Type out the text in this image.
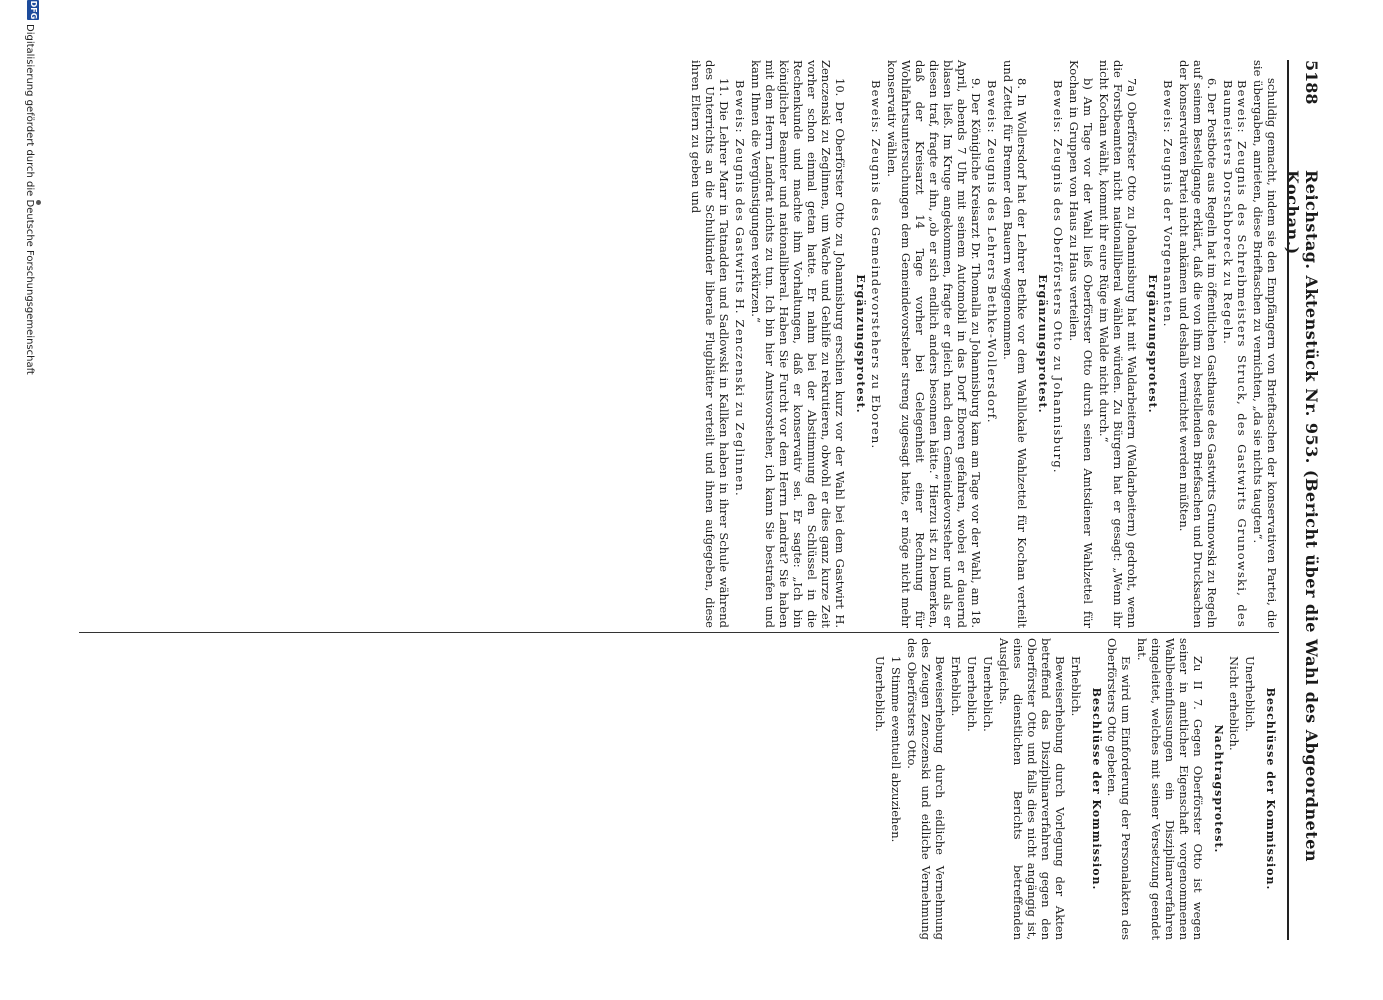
5188
Reichstag. Aktenstück Nr. 953. (Bericht über die Wahl des Abgeordneten Kochan.)
schuldig gemacht, indem sie den Empfängern von Brieftaschen der konservativen Partei, die sie übergaben, anrieten, diese Brieftaschen zu vernichten, „da sie nichts taugten“.
Beweis: Zeugnis des Schreibmeisters Struck, des Gastwirts Grunowski, des Baumeisters Dorschboreck zu Regeln.
6. Der Postbote aus Regeln hat im öffentlichen Gasthause des Gastwirts Grunowski zu Regeln auf seinem Bestellgange erklärt, daß die von ihm zu bestellenden Briefsachen und Drucksachen der konservativen Partei nicht ankämen und deshalb vernichtet werden müßten.
Beweis: Zeugnis der Vorgenannten.
Ergänzungsprotest.
7a) Oberförster Otto zu Johannisburg hat mit Waldarbeitern (Waldarbeitern) gedroht, wenn die Forstbeamten nicht nationalliberal wählen würden. Zu Bürgern hat er gesagt: „Wenn ihr nicht Kochan wählt, kommt ihr eure Rüge im Walde nicht durch.“
b) Am Tage vor der Wahl ließ Oberförster Otto durch seinen Amtsdiener Wahlzettel für Kochan in Gruppen von Haus zu Haus verteilen.
Beweis: Zeugnis des Oberförsters Otto zu Johannisburg.
Ergänzungsprotest.
8. In Wollersdorf hat der Lehrer Bethke vor dem Wahllokale Wahlzettel für Kochan verteilt und Zettel für Brenner den Bauern weggenommen.
Beweis: Zeugnis des Lehrers Bethke-Wollersdorf.
9. Der Königliche Kreisarzt Dr. Thomalla zu Johannisburg kam am Tage vor der Wahl, am 18. April, abends 7 Uhr mit seinem Automobil in das Dorf Eboren gefahren, wobei er dauernd blasen ließ. Im Kruge angekommen, fragte er gleich nach dem Gemeindevorsteher und als er diesen traf, fragte er ihn, „ob er sich endlich anders besonnen hätte.“ Hierzu ist zu bemerken, daß der Kreisarzt 14 Tage vorher bei Gelegenheit einer Rechnung für Wohlfahrtsuntersuchungen dem Gemeindevorsteher streng zugesagt hatte, er möge nicht mehr konservativ wählen.
Beweis: Zeugnis des Gemeindevorstehers zu Eboren.
Ergänzungsprotest.
10. Der Oberförster Otto zu Johannisburg erschien kurz vor der Wahl bei dem Gastwirt H. Zenczenski zu Zeglinnen, um Wache und Gehilfe zu rekrutieren, obwohl er dies ganz kurze Zeit vorher schon einmal getan hatte. Er nahm bei der Abstimmung den Schlüssel in die Rechenkunde und machte ihm Vorhaltungen, daß er konservativ sei. Er sagte: „Ich bin königlicher Beamter und nationalliberal. Haben Sie Furcht vor dem Herrn Landrat? Sie haben mit dem Herrn Landrat nichts zu tun. Ich bin hier Amtsvorsteher, ich kann Sie bestrafen und kann Ihnen die Vergünstigungen verkürzen.“
Beweis: Zeugnis des Gastwirts H. Zenczenski zu Zeglinnen.
11. Die Lehrer Marr in Tatnadden und Sadlowski in Kallken haben in ihrer Schule während des Unterrichts an die Schulkinder liberale Flugblätter verteilt und ihnen aufgegeben, diese ihren Eltern zu geben und
Beschlüsse der Kommission.
Unerheblich.
Nicht erheblich.
Nachtragsprotest.
Zu II 7. Gegen Oberförster Otto ist wegen seiner in amtlicher Eigenschaft vorgenommenen Wahlbeeinflussungen ein Disziplinarverfahren eingeleitet, welches mit seiner Versetzung geendet hat.
Es wird um Einforderung der Personalakten des Oberförsters Otto gebeten.
Beschlüsse der Kommission.
Erheblich.
Beweiserhebung durch Vorlegung der Akten betreffend das Disziplinarverfahren gegen den Oberförster Otto und falls dies nicht angängig ist, eines dienstlichen Berichts betreffenden Ausgleichs.
Unerheblich.
Unerheblich.
Erheblich.
Beweiserhebung durch eidliche Vernehmung des Zeugen Zenczenski und eidliche Vernehmung des Oberförsters Otto.
1 Stimme eventuell abzuziehen.
Unerheblich.
DFG
Digitalisierung gefördert durch die Deutsche Forschungsgemeinschaft
